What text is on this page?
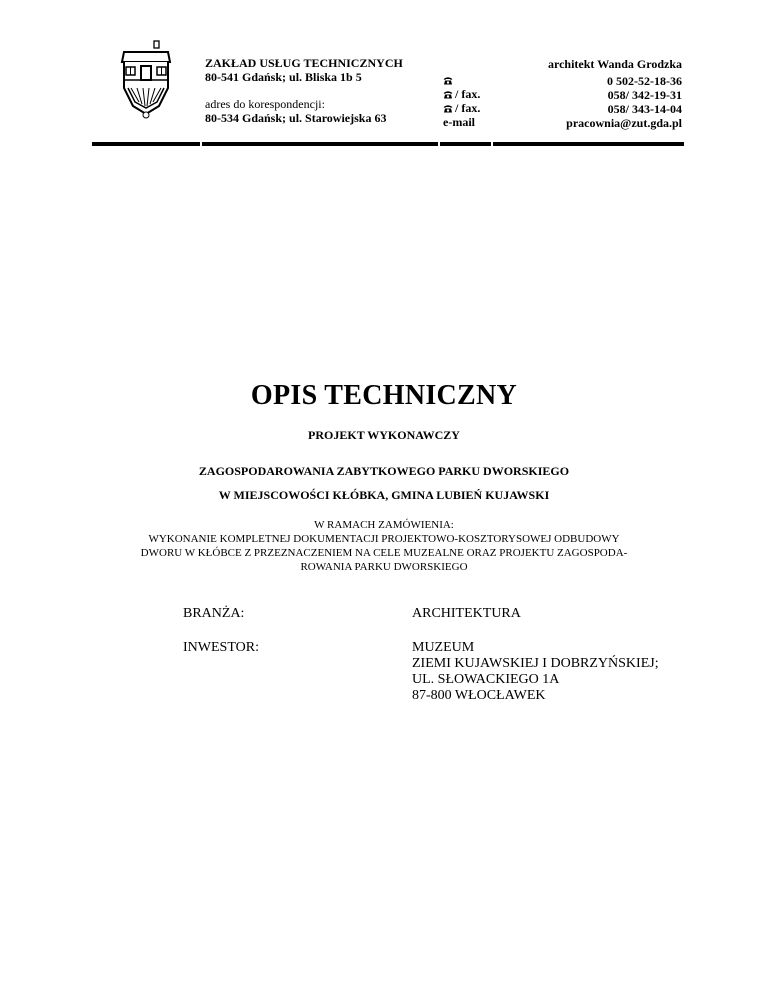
ZAKŁAD USŁUG TECHNICZNYCH
80-541 Gdańsk; ul. Bliska 1b 5
adres do korespondencji:
80-534 Gdańsk; ul. Starowiejska 63
/ fax.
/ fax.
e-mail
architekt Wanda Grodzka
0 502-52-18-36
058/ 342-19-31
058/ 343-14-04
pracownia@zut.gda.pl
OPIS TECHNICZNY
PROJEKT WYKONAWCZY
ZAGOSPODAROWANIA ZABYTKOWEGO PARKU DWORSKIEGO
W MIEJSCOWOŚCI KŁÓBKA, GMINA LUBIEŃ KUJAWSKI
W RAMACH ZAMÓWIENIA:
WYKONANIE KOMPLETNEJ DOKUMENTACJI PROJEKTOWO-KOSZTORYSOWEJ ODBUDOWY
DWORU W KŁÓBCE Z PRZEZNACZENIEM NA CELE MUZEALNE ORAZ PROJEKTU ZAGOSPODA-
ROWANIA PARKU DWORSKIEGO
BRANŻA:	ARCHITEKTURA
INWESTOR:	MUZEUM
ZIEMI KUJAWSKIEJ I DOBRZYŃSKIEJ;
UL. SŁOWACKIEGO 1A
87-800 WŁOCŁAWEK
